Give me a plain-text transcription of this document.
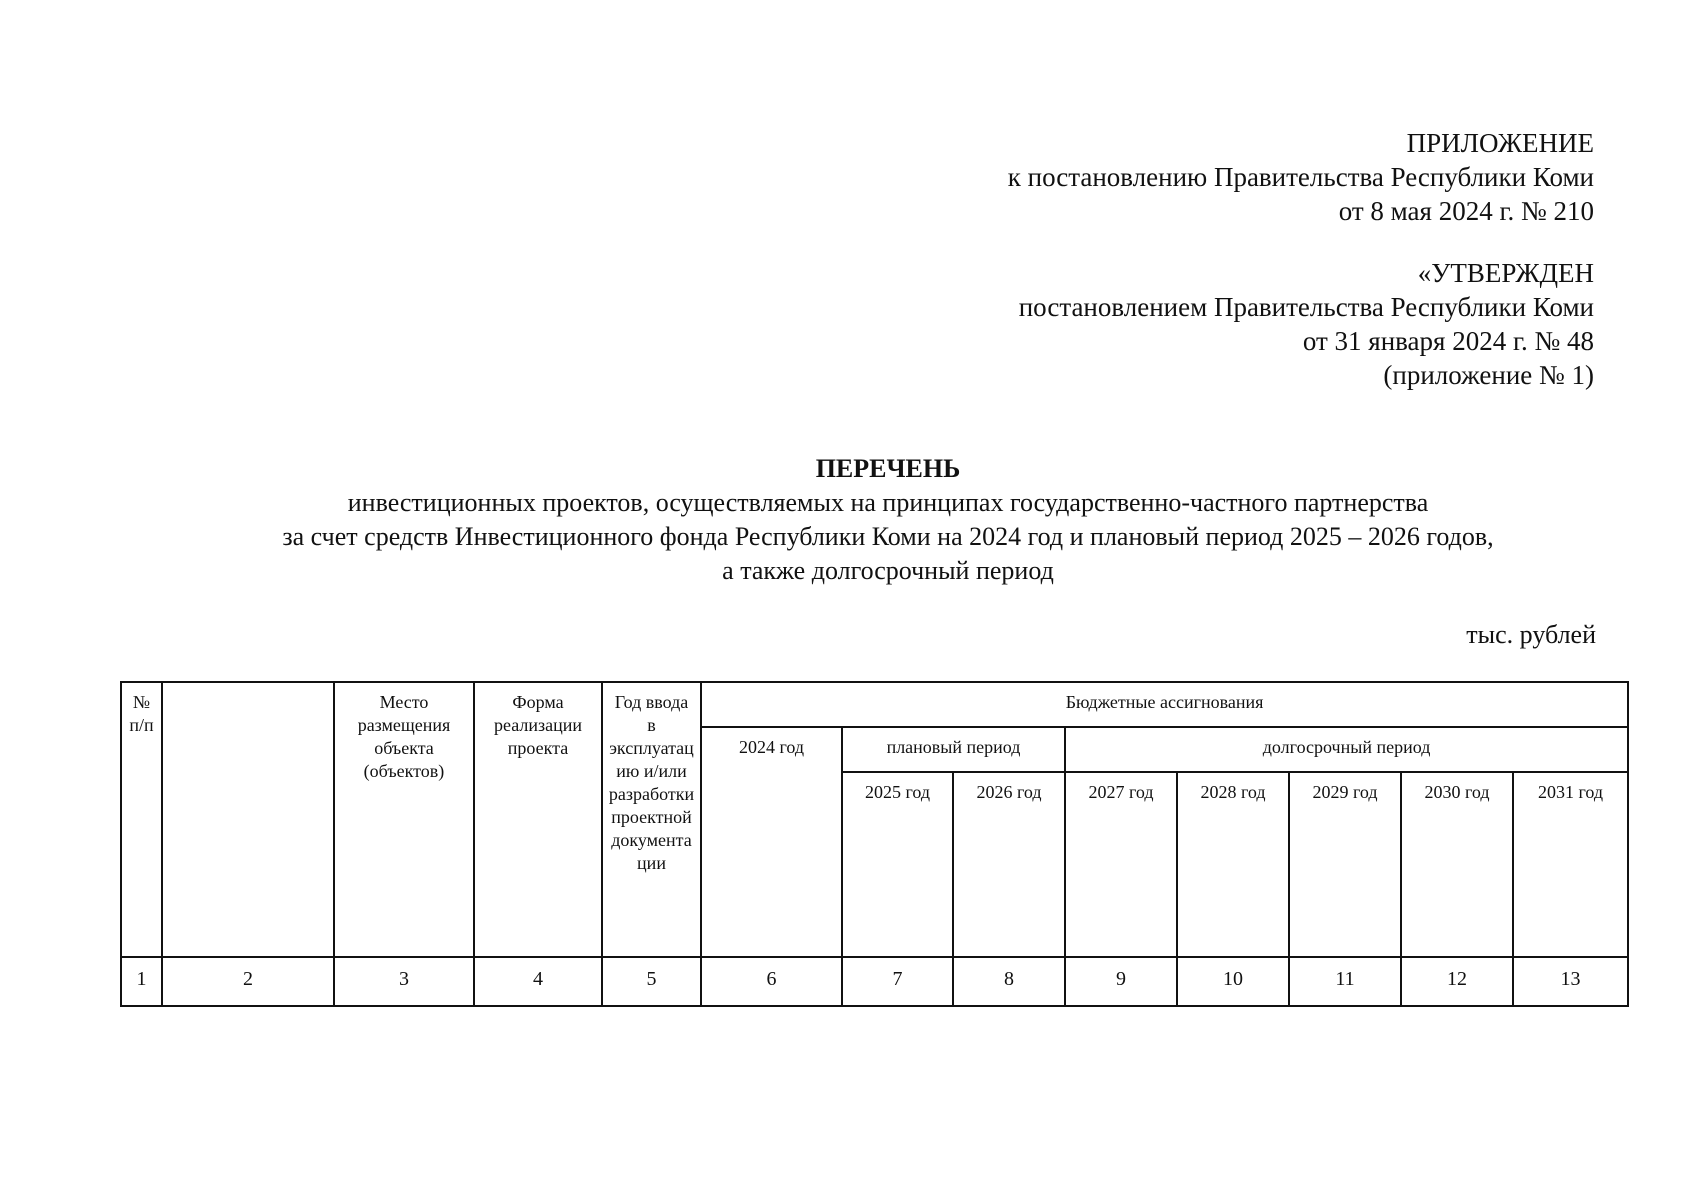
ПРИЛОЖЕНИЕ
к постановлению Правительства Республики Коми
от 8 мая 2024 г. № 210
«УТВЕРЖДЕН
постановлением Правительства Республики Коми
от 31 января 2024 г. № 48
(приложение № 1)
ПЕРЕЧЕНЬ
инвестиционных проектов, осуществляемых на принципах государственно-частного партнерства
за счет средств Инвестиционного фонда Республики Коми на 2024 год и плановый период 2025 – 2026 годов,
а также долгосрочный период
тыс. рублей
№ п/п		Место размещения объекта (объектов)	Форма реализации проекта	Год ввода в эксплуатацию и/или разработки проектной документации	Бюджетные ассигнования							
					2024 год	плановый период		долгосрочный период				
						2025 год	2026 год	2027 год	2028 год	2029 год	2030 год	2031 год
1	2	3	4	5	6	7	8	9	10	11	12	13
